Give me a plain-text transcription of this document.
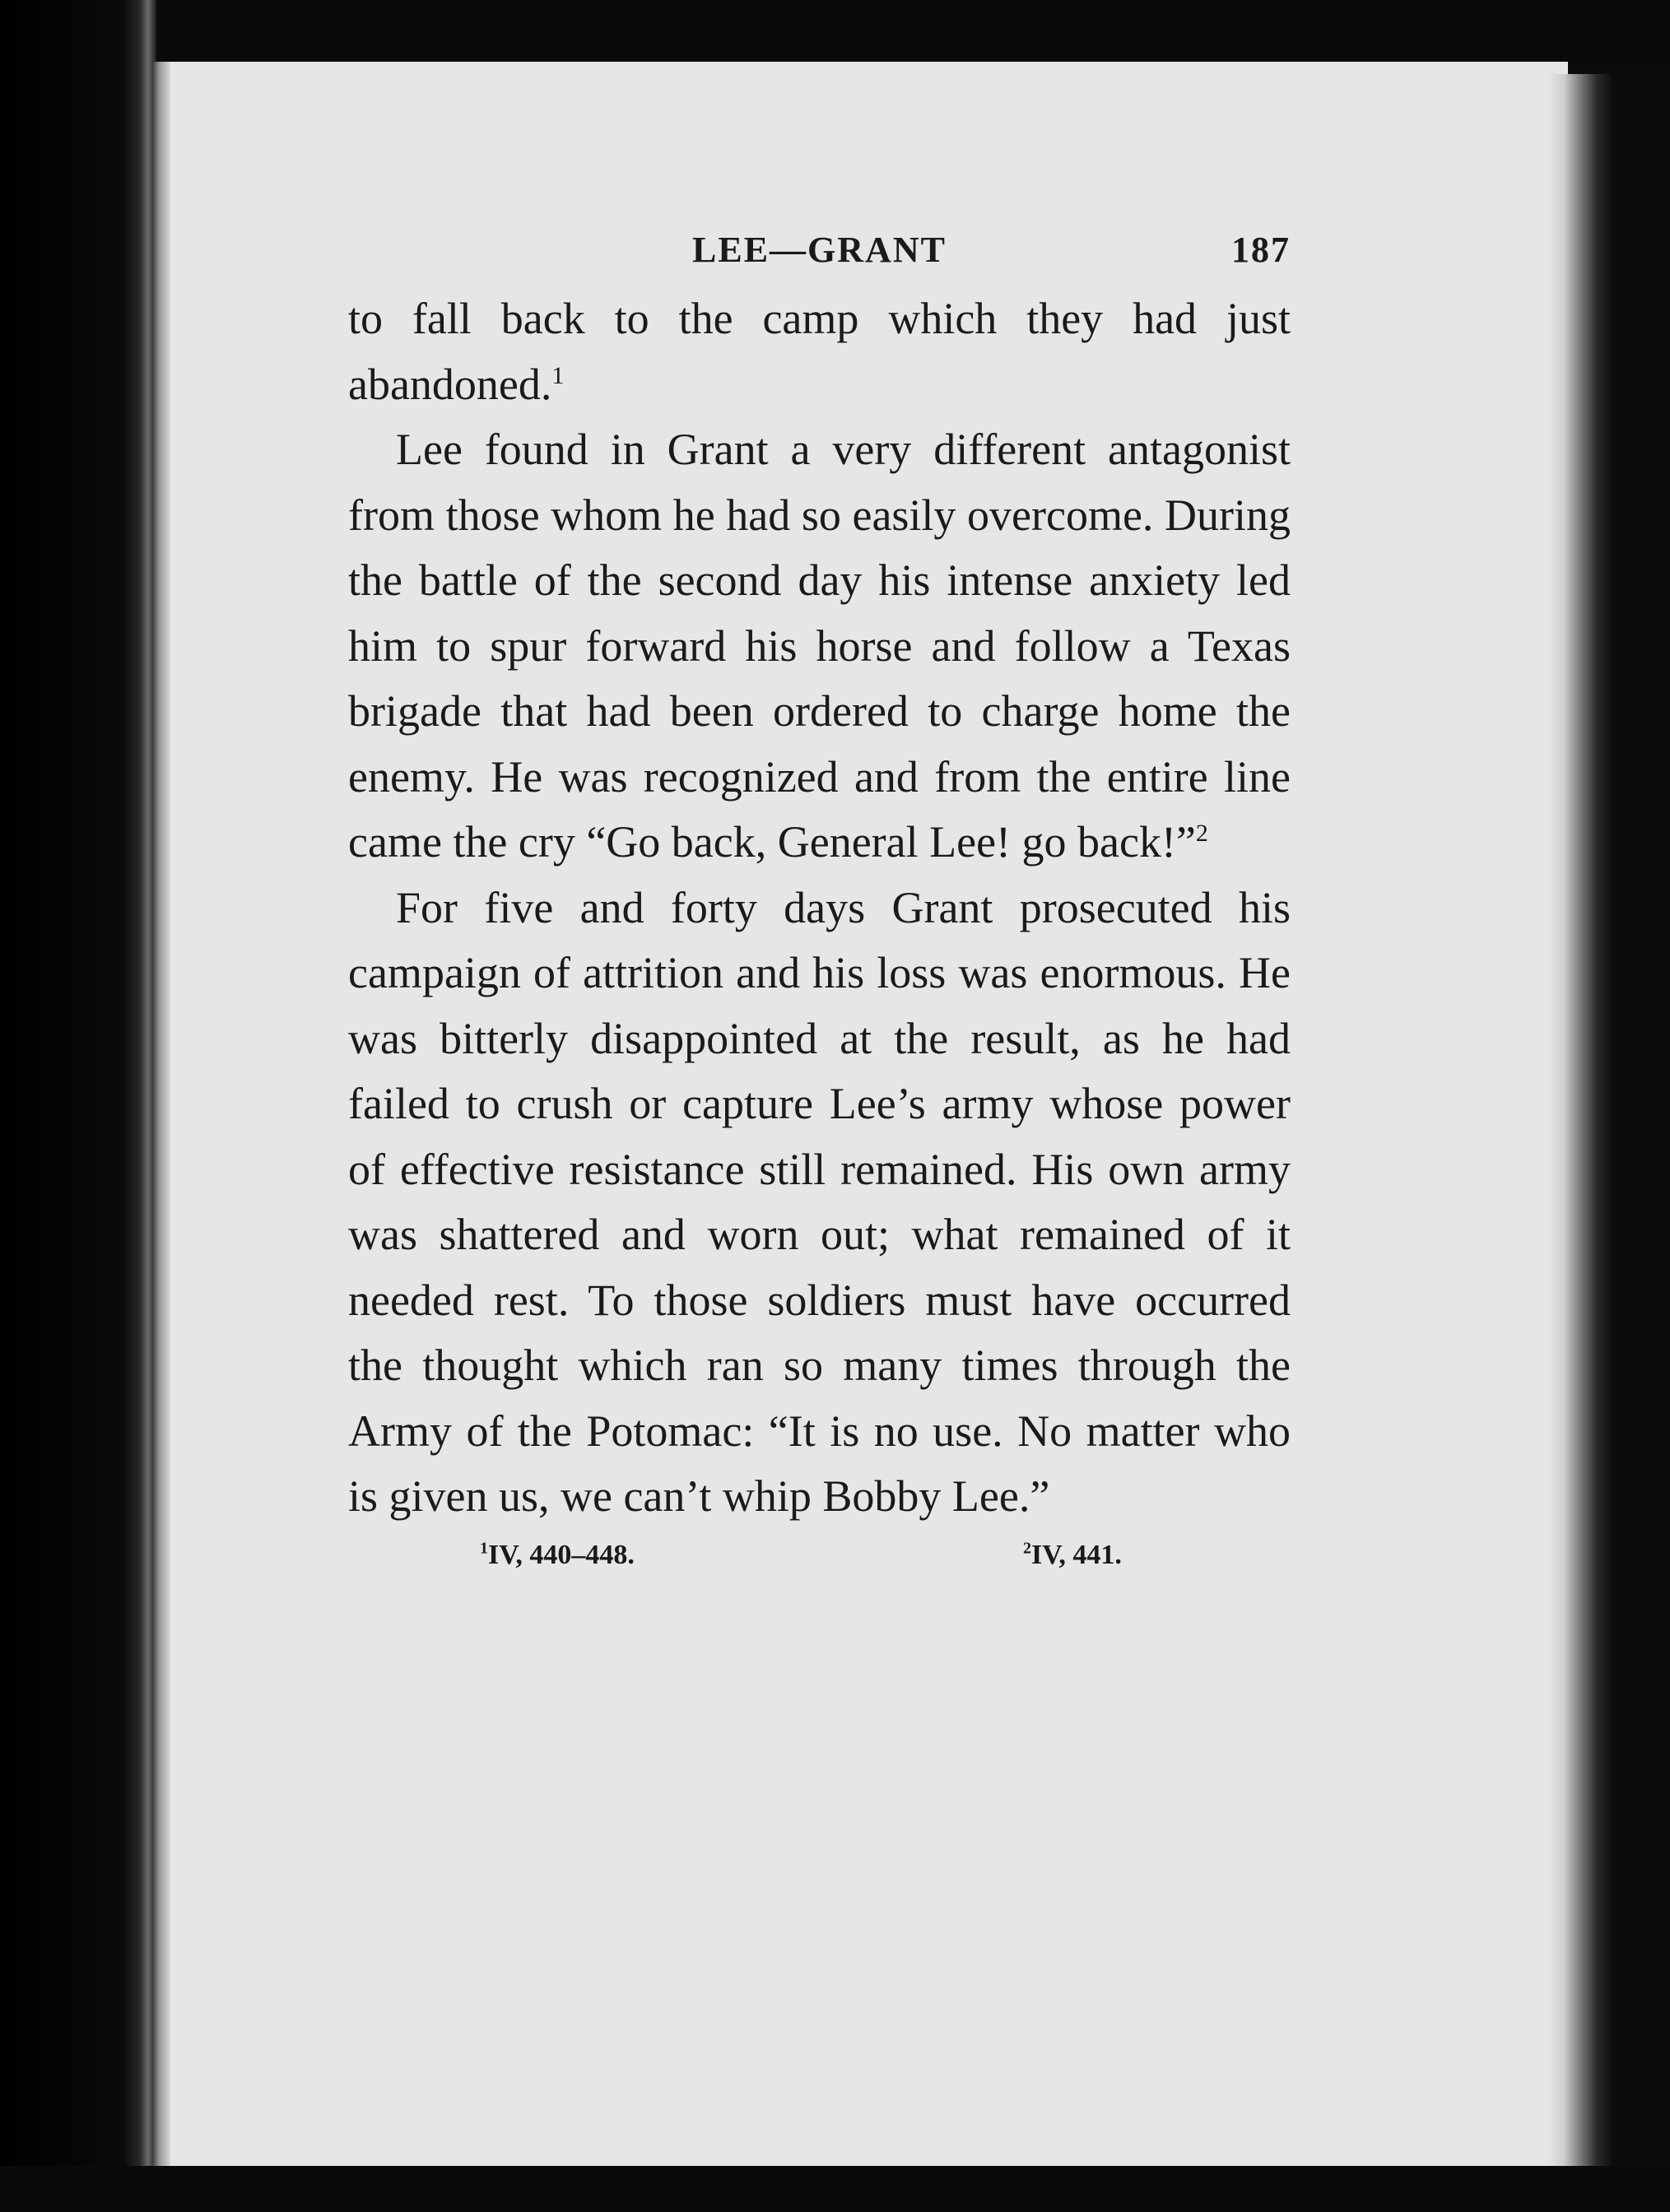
LEE—GRANT	187

to fall back to the camp which they had just abandoned.$^1$

Lee found in Grant a very different antagonist from those whom he had so easily overcome. During the battle of the second day his intense anxiety led him to spur forward his horse and follow a Texas brigade that had been ordered to charge home the enemy. He was recognized and from the entire line came the cry “Go back, General Lee! go back!”$^2$

For five and forty days Grant prosecuted his campaign of attrition and his loss was enormous. He was bitterly disappointed at the result, as he had failed to crush or capture Lee’s army whose power of effective resistance still remained. His own army was shattered and worn out; what remained of it needed rest. To those soldiers must have occurred the thought which ran so many times through the Army of the Potomac: “It is no use. No matter who is given us, we can’t whip Bobby Lee.”

$^1$IV, 440–448.	$^2$IV, 441.
